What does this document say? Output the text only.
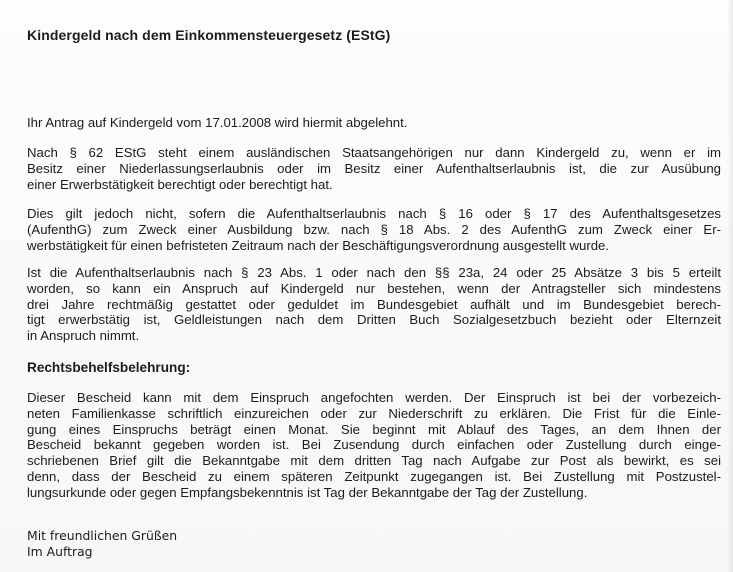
Kindergeld nach dem Einkommensteuergesetz (EStG)
Ihr Antrag auf Kindergeld vom 17.01.2008 wird hiermit abgelehnt.
Nach § 62 EStG steht einem ausländischen Staatsangehörigen nur dann Kindergeld zu, wenn er im
Besitz einer Niederlassungserlaubnis oder im Besitz einer Aufenthaltserlaubnis ist, die zur Ausübung
einer Erwerbstätigkeit berechtigt oder berechtigt hat.
Dies gilt jedoch nicht, sofern die Aufenthaltserlaubnis nach § 16 oder § 17 des Aufenthaltsgesetzes
(AufenthG) zum Zweck einer Ausbildung bzw. nach § 18 Abs. 2 des AufenthG zum Zweck einer Er-
werbstätigkeit für einen befristeten Zeitraum nach der Beschäftigungsverordnung ausgestellt wurde.
Ist die Aufenthaltserlaubnis nach § 23 Abs. 1 oder nach den §§ 23a, 24 oder 25 Absätze 3 bis 5 erteilt
worden, so kann ein Anspruch auf Kindergeld nur bestehen, wenn der Antragsteller sich mindestens
drei Jahre rechtmäßig gestattet oder geduldet im Bundesgebiet aufhält und im Bundesgebiet berech-
tigt erwerbstätig ist, Geldleistungen nach dem Dritten Buch Sozialgesetzbuch bezieht oder Elternzeit
in Anspruch nimmt.
Rechtsbehelfsbelehrung:
Dieser Bescheid kann mit dem Einspruch angefochten werden. Der Einspruch ist bei der vorbezeich-
neten Familienkasse schriftlich einzureichen oder zur Niederschrift zu erklären. Die Frist für die Einle-
gung eines Einspruchs beträgt einen Monat. Sie beginnt mit Ablauf des Tages, an dem Ihnen der
Bescheid bekannt gegeben worden ist. Bei Zusendung durch einfachen oder Zustellung durch einge-
schriebenen Brief gilt die Bekanntgabe mit dem dritten Tag nach Aufgabe zur Post als bewirkt, es sei
denn, dass der Bescheid zu einem späteren Zeitpunkt zugegangen ist. Bei Zustellung mit Postzustel-
lungsurkunde oder gegen Empfangsbekenntnis ist Tag der Bekanntgabe der Tag der Zustellung.
Mit freundlichen Grüßen
Im Auftrag
